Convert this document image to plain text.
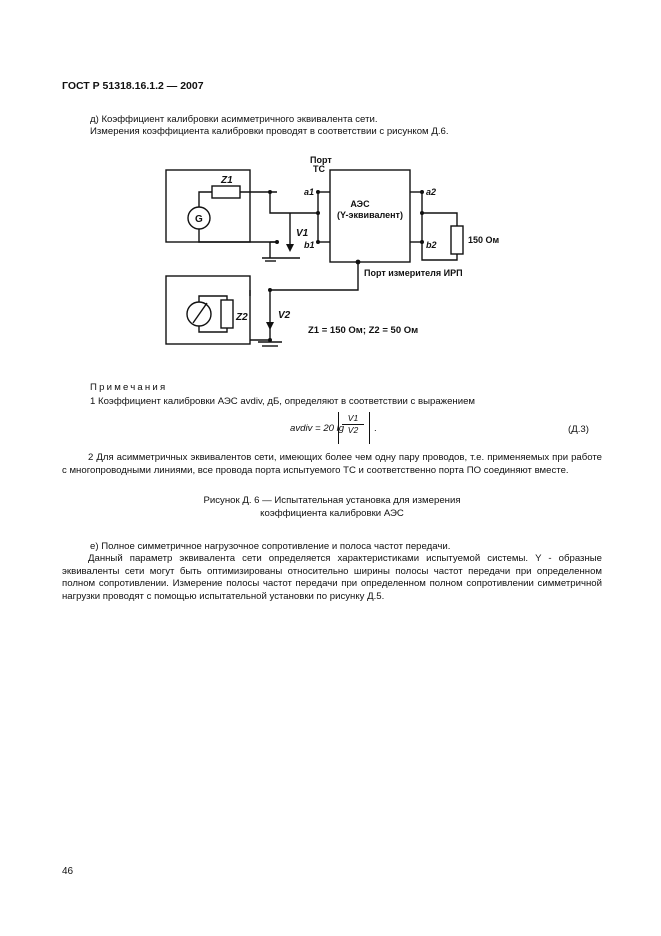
ГОСТ Р 51318.16.1.2 — 2007
д) Коэффициент калибровки асимметричного эквивалента сети.
Измерения коэффициента калибровки проводят в соответствии с рисунком Д.6.
Порт
ТС
a1
b1
a2
b2
АЭС
(Y-эквивалент)
G
Z1
Z2
V1
V2
150 Ом
Порт измерителя ИРП
Z1 = 150 Ом; Z2 = 50 Ом
Примечания
1 Коэффициент калибровки АЭС avdiv, дБ, определяют в соответствии с выражением
avdiv = 20 lg
$\frac{V1}{V2}$ .	(Д.3)
2 Для асимметричных эквивалентов сети, имеющих более чем одну пару проводов, т.е. применяемых при работе с многопроводными линиями, все провода порта испытуемого ТС и соответственно порта ПО соединяют вместе.
Рисунок Д. 6 — Испытательная установка для измерения
коэффициента калибровки АЭС
е) Полное симметричное нагрузочное сопротивление и полоса частот передачи.
Данный параметр эквивалента сети определяется характеристиками испытуемой системы. Y - образные эквиваленты сети могут быть оптимизированы относительно ширины полосы частот передачи при определенном полном сопротивлении. Измерение полосы частот передачи при определенном полном сопротивлении симметричной нагрузки проводят с помощью испытательной установки по рисунку Д.5.
46
